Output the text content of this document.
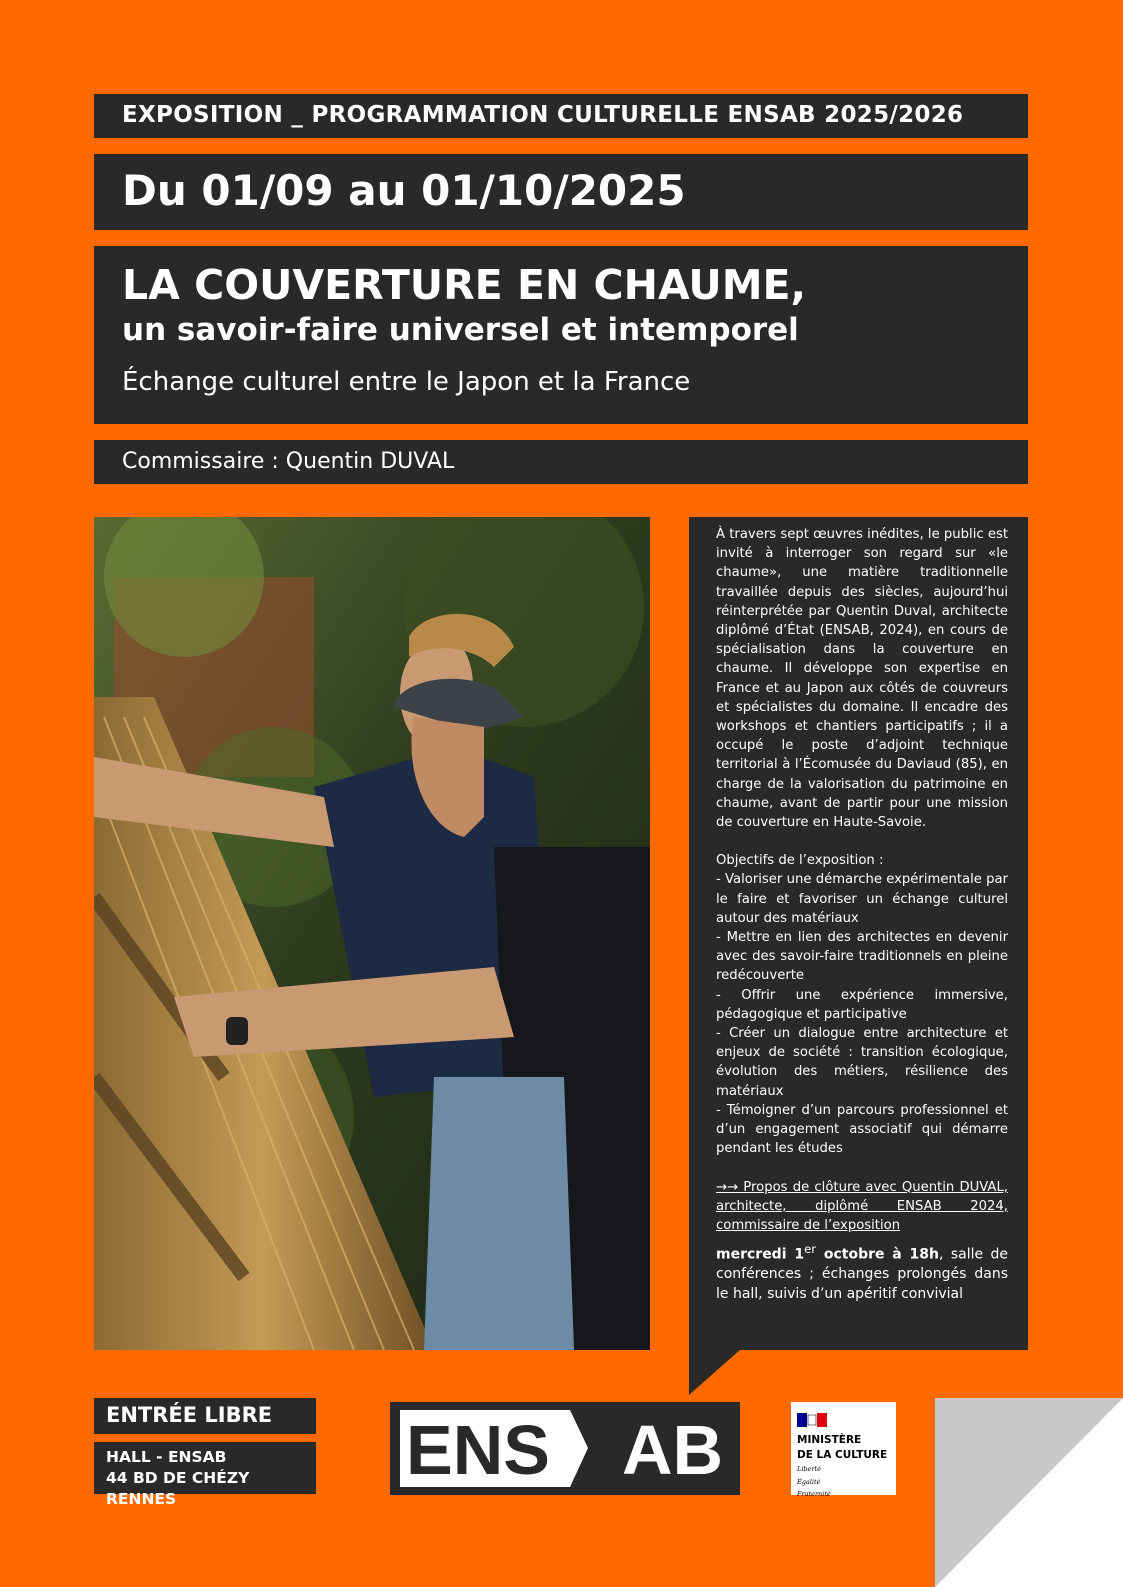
EXPOSITION _ PROGRAMMATION CULTURELLE ENSAB 2025/2026
Du 01/09 au 01/10/2025
LA COUVERTURE EN CHAUME,
un savoir-faire universel et intemporel
Échange culturel entre le Japon et la France
Commissaire : Quentin DUVAL

À travers sept œuvres inédites, le public est invité à interroger son regard sur «le chaume», une matière traditionnelle travaillée depuis des siècles, aujourd’hui réinterprétée par Quentin Duval, architecte diplômé d’État (ENSAB, 2024), en cours de spécialisation dans la couverture en chaume. Il développe son expertise en France et au Japon aux côtés de couvreurs et spécialistes du domaine. Il encadre des workshops et chantiers participatifs ; il a occupé le poste d’adjoint technique territorial à l’Écomusée du Daviaud (85), en charge de la valorisation du patrimoine en chaume, avant de partir pour une mission de couverture en Haute-Savoie.

Objectifs de l’exposition :

- Valoriser une démarche expérimentale par le faire et favoriser un échange culturel autour des matériaux

- Mettre en lien des architectes en devenir avec des savoir-faire traditionnels en pleine redécouverte

- Offrir une expérience immersive, pédagogique et participative

- Créer un dialogue entre architecture et enjeux de société : transition écologique, évolution des métiers, résilience des matériaux

- Témoigner d’un parcours professionnel et d’un engagement associatif qui démarre pendant les études

→→ Propos de clôture avec Quentin DUVAL, architecte, diplômé ENSAB 2024, commissaire de l’exposition

mercredi 1er octobre à 18h, salle de conférences ; échanges prolongés dans le hall, suivis d’un apéritif convivial

ENTRÉE LIBRE
HALL - ENSAB
44 BD DE CHÉZY RENNES
ENS AB	MINISTÈRE
DE LA CULTURE
Liberté
Égalité
Fraternité
